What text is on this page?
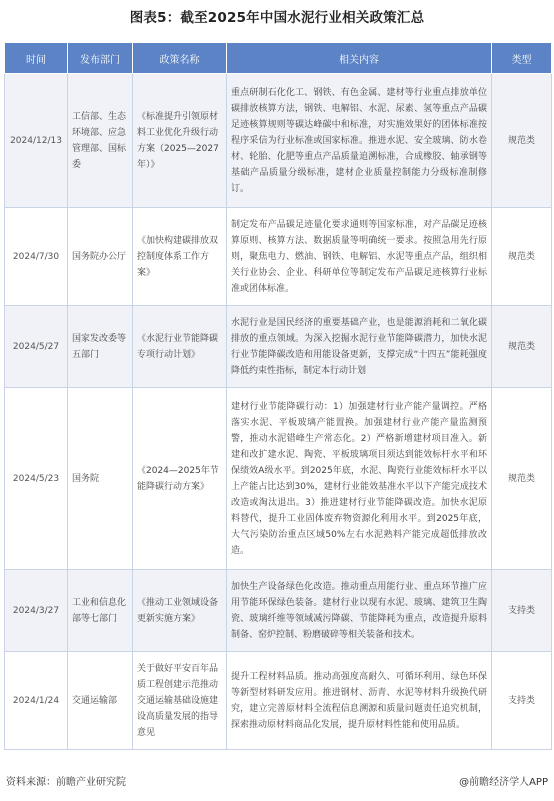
图表5：截至2025年中国水泥行业相关政策汇总
时间	发布部门	政策名称	相关内容	类型
2024/12/13	工信部、生态环境部、应急管理部、国标委	《标准提升引领原材料工业优化升级行动方案（2025—2027年）》	重点研制石化化工、钢铁、有色金属、建材等行业重点排放单位碳排放核算方法，钢铁、电解铝、水泥、尿素、氢等重点产品碳足迹核算规则等碳达峰碳中和标准，对实施效果好的团体标准按程序采信为行业标准或国家标准。推进水泥、安全玻璃、防水卷材、轮胎、化肥等重点产品质量追溯标准，合成橡胶、轴承钢等基础产品质量分级标准，建材企业质量控制能力分级标准制修订。	规范类
2024/7/30	国务院办公厅	《加快构建碳排放双控制度体系工作方案》	制定发布产品碳足迹量化要求通则等国家标准，对产品碳足迹核算原则、核算方法、数据质量等明确统一要求。按照急用先行原则，聚焦电力、燃油、钢铁、电解铝、水泥等重点产品，组织相关行业协会、企业、科研单位等制定发布产品碳足迹核算行业标准或团体标准。	规范类
2024/5/27	国家发改委等五部门	《水泥行业节能降碳专项行动计划》	水泥行业是国民经济的重要基础产业，也是能源消耗和二氧化碳排放的重点领域。为深入挖掘水泥行业节能降碳潜力，加快水泥行业节能降碳改造和用能设备更新，支撑完成“十四五”能耗强度降低约束性指标，制定本行动计划	规范类
2024/5/23	国务院	《2024—2025年节能降碳行动方案》	建材行业节能降碳行动：1）加强建材行业产能产量调控。严格落实水泥、平板玻璃产能置换。加强建材行业产能产量监测预警，推动水泥错峰生产常态化。2）严格新增建材项目准入。新建和改扩建水泥、陶瓷、平板玻璃项目须达到能效标杆水平和环保绩效A级水平。到2025年底，水泥、陶瓷行业能效标杆水平以上产能占比达到30%，建材行业能效基准水平以下产能完成技术改造或淘汰退出。3）推进建材行业节能降碳改造。加快水泥原料替代，提升工业固体废弃物资源化利用水平。到2025年底，大气污染防治重点区域50%左右水泥熟料产能完成超低排放改造。	规范类
2024/3/27	工业和信息化部等七部门	《推动工业领域设备更新实施方案》	加快生产设备绿色化改造。推动重点用能行业、重点环节推广应用节能环保绿色装备。建材行业以现有水泥、玻璃、建筑卫生陶瓷、玻璃纤维等领域减污降碳、节能降耗为重点，改造提升原料制备、窑炉控制、粉磨破碎等相关装备和技术。	支持类
2024/1/24	交通运输部	关于做好平安百年品质工程创建示范推动交通运输基础设施建设高质量发展的指导意见	提升工程材料品质。推动高强度高耐久、可循环利用、绿色环保等新型材料研发应用。推进钢材、沥青、水泥等材料升级换代研究，建立完善原材料全流程信息溯源和质量问题责任追究机制，探索推动原材料商品化发展，提升原材料性能和使用品质。	支持类
资料来源：前瞻产业研究院	@前瞻经济学人APP
